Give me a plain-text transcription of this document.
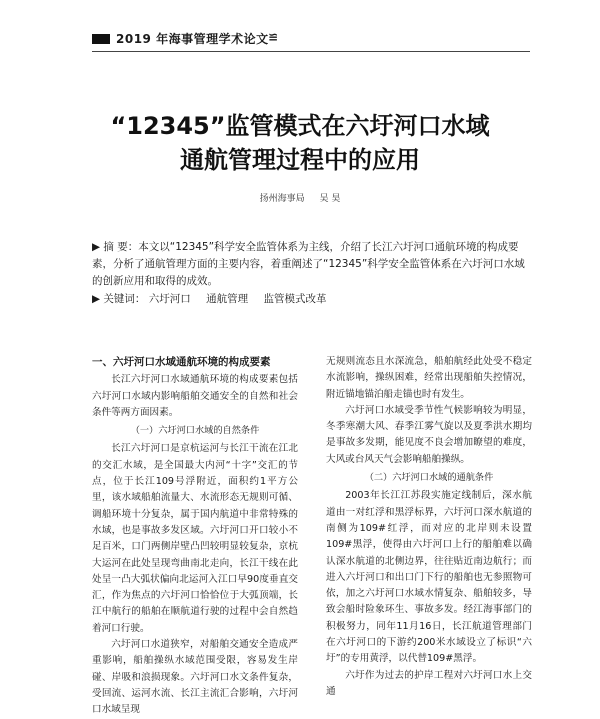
2019 年海事管理学术论文 ≌
“12345”监管模式在六圩河口水域
通航管理过程中的应用
扬州海事局 吴 昊
▶ 摘 要：本文以“12345”科学安全监管体系为主线，介绍了长江六圩河口通航环境的构成要素，分析了通航管理方面的主要内容，着重阐述了“12345”科学安全监管体系在六圩河口水域的创新应用和取得的成效。
▶ 关键词： 六圩河口 通航管理 监管模式改革
一、六圩河口水域通航环境的构成要素

长江六圩河口水域通航环境的构成要素包括六圩河口水域内影响船舶交通安全的自然和社会条件等两方面因素。

（一）六圩河口水域的自然条件

长江六圩河口是京杭运河与长江干流在江北的交汇水域，是全国最大内河“十字”交汇的节点，位于长江109号浮附近，面积约1平方公里，该水域船舶流量大、水流形态无规则可循、调船环境十分复杂，属于国内航道中非常特殊的水域，也是事故多发区域。六圩河口开口较小不足百米，口门两侧岸壁凸凹较明显较复杂，京杭大运河在此处呈现弯曲南北走向，长江干线在此处呈一凸大弧状偏向北运河入江口早90度垂直交汇，作为焦点的六圩河口恰恰位于大弧顶端，长江中航行的船舶在顺航道行驶的过程中会自然趋着河口行驶。

六圩河口水道狭窄，对船舶交通安全造成严重影响，船舶操纵水域范围受限，容易发生岸碰、岸吸和浪损现象。六圩河口水文条件复杂，受回流、运河水流、长江主流汇合影响，六圩河口水域呈现

无规则流态且水深流急，船舶航经此处受不稳定水流影响，操纵困难，经常出现船舶失控情况，附近锚地锚泊船走锚也时有发生。

六圩河口水域受季节性气候影响较为明显，冬季寒潮大风、春季江雾气旋以及夏季洪水期均是事故多发期，能见度不良会增加瞭望的难度，大风或台风天气会影响船舶操纵。

（二）六圩河口水域的通航条件

2003年长江江苏段实施定线制后，深水航道由一对红浮和黑浮标界，六圩河口深水航道的南侧为109#红浮，而对应的北岸则未设置109#黑浮，使得由六圩河口上行的船舶难以确认深水航道的北侧边界，往往贴近南边航行；而进入六圩河口和出口门下行的船舶也无参照物可依，加之六圩河口水域水情复杂、船舶较多，导致会船时险象环生、事故多发。经江海事部门的积极努力，同年11月16日，长江航道管理部门在六圩河口的下游约200米水域设立了标识“六圩”的专用黄浮，以代替109#黑浮。

六圩作为过去的护岸工程对六圩河口水上交通
